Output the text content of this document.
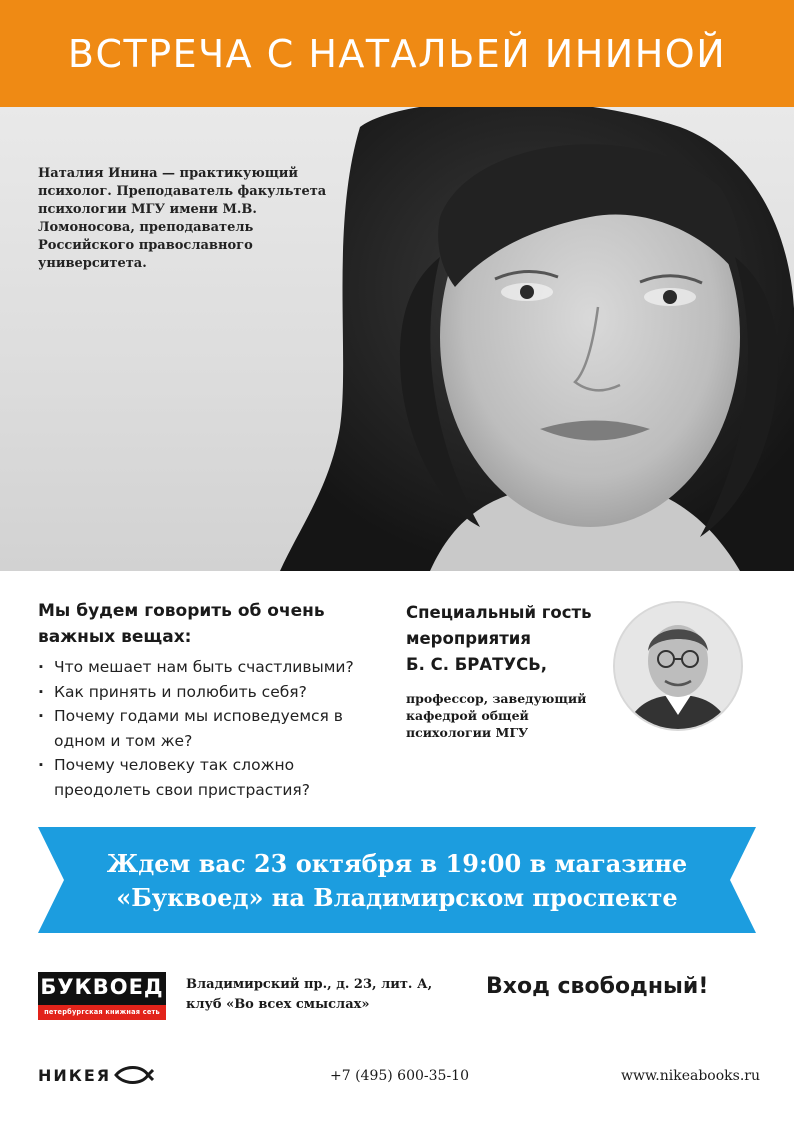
ВСТРЕЧА С НАТАЛЬЕЙ ИНИНОЙ
Наталия Инина — практикующий психолог. Преподаватель факультета психологии МГУ имени М.В. Ломоносова, преподаватель Российского православного университета.
Мы будем говорить об очень важных вещах:
· Что мешает нам быть счастливыми?
· Как принять и полюбить себя?
· Почему годами мы исповедуемся в одном и том же?
· Почему человеку так сложно преодолеть свои пристрастия?
Специальный гость мероприятия
Б. С. БРАТУСЬ,
профессор, заведующий кафедрой общей психологии МГУ
Ждем вас 23 октября в 19:00 в магазине «Буквоед» на Владимирском проспекте
БУКВОЕД
петербургская книжная сеть
Владимирский пр., д. 23, лит. А, клуб «Во всех смыслах»
Вход свободный!
НИКЕЯ	+7 (495) 600-35-10	www.nikeabooks.ru
